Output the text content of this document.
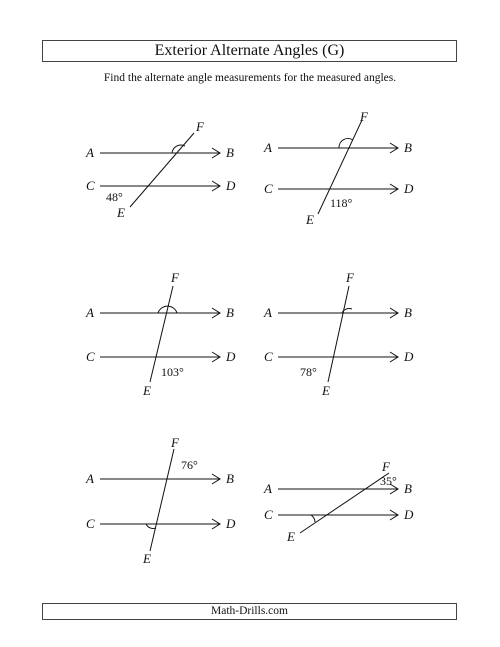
Exterior Alternate Angles (G)
Find the alternate angle measurements for the measured angles.
A	B
C	D
E
F
48°
A	B
C	D
E
F
118°
A	B
C	D
E
F
103°
A	B
C	D
E
F
78°
A	B
C	D
E
F
76°
A	B
C	D
E
F
35°
Math-Drills.com
